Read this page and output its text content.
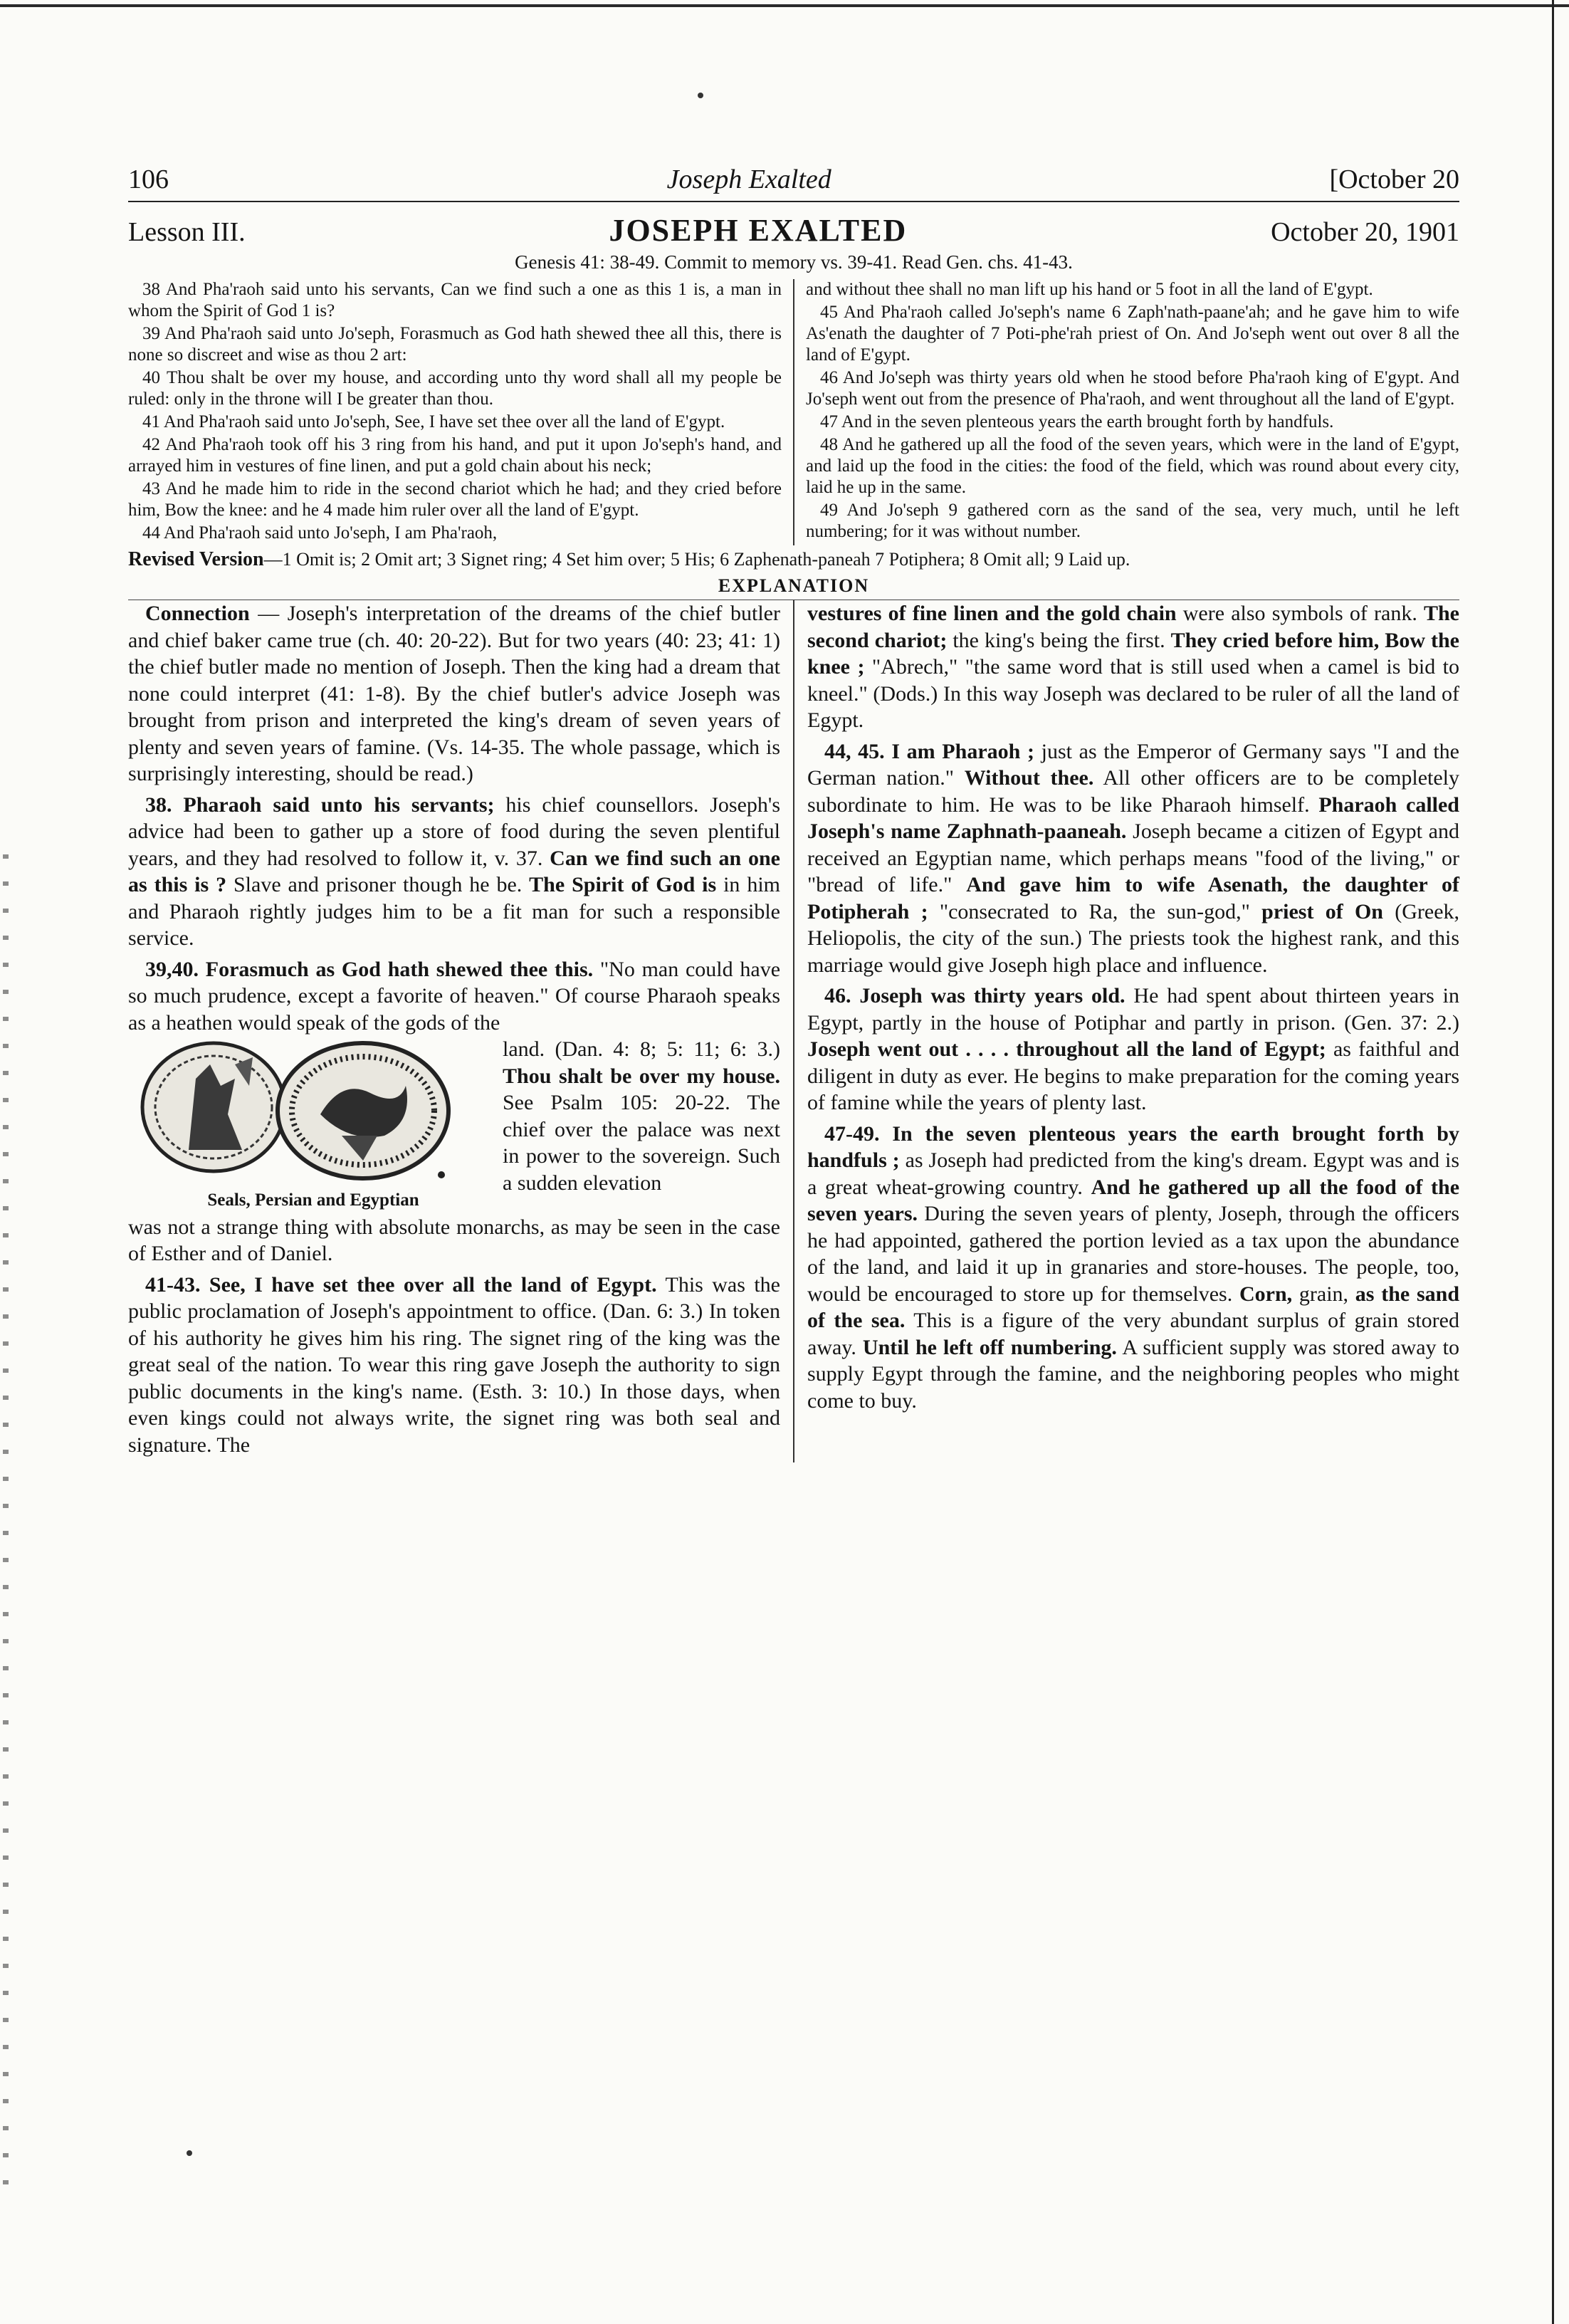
106	Joseph Exalted	[October 20
Lesson III.	JOSEPH EXALTED	October 20, 1901
Genesis 41: 38-49. Commit to memory vs. 39-41. Read Gen. chs. 41-43.

38 And Pha'raoh said unto his servants, Can we find such a one as this 1 is, a man in whom the Spirit of God 1 is?

39 And Pha'raoh said unto Jo'seph, Forasmuch as God hath shewed thee all this, there is none so discreet and wise as thou 2 art:

40 Thou shalt be over my house, and according unto thy word shall all my people be ruled: only in the throne will I be greater than thou.

41 And Pha'raoh said unto Jo'seph, See, I have set thee over all the land of E'gypt.

42 And Pha'raoh took off his 3 ring from his hand, and put it upon Jo'seph's hand, and arrayed him in vestures of fine linen, and put a gold chain about his neck;

43 And he made him to ride in the second chariot which he had; and they cried before him, Bow the knee: and he 4 made him ruler over all the land of E'gypt.

44 And Pha'raoh said unto Jo'seph, I am Pha'raoh,

and without thee shall no man lift up his hand or 5 foot in all the land of E'gypt.

45 And Pha'raoh called Jo'seph's name 6 Zaph'nath-paane'ah; and he gave him to wife As'enath the daughter of 7 Poti-phe'rah priest of On. And Jo'seph went out over 8 all the land of E'gypt.

46 And Jo'seph was thirty years old when he stood before Pha'raoh king of E'gypt. And Jo'seph went out from the presence of Pha'raoh, and went throughout all the land of E'gypt.

47 And in the seven plenteous years the earth brought forth by handfuls.

48 And he gathered up all the food of the seven years, which were in the land of E'gypt, and laid up the food in the cities: the food of the field, which was round about every city, laid he up in the same.

49 And Jo'seph 9 gathered corn as the sand of the sea, very much, until he left numbering; for it was without number.

Revised Version—1 Omit is; 2 Omit art; 3 Signet ring; 4 Set him over; 5 His; 6 Zaphenath-paneah 7 Potiphera; 8 Omit all; 9 Laid up.
EXPLANATION

Connection — Joseph's interpretation of the dreams of the chief butler and chief baker came true (ch. 40: 20-22). But for two years (40: 23; 41: 1) the chief butler made no mention of Joseph. Then the king had a dream that none could interpret (41: 1-8). By the chief butler's advice Joseph was brought from prison and interpreted the king's dream of seven years of plenty and seven years of famine. (Vs. 14-35. The whole passage, which is surprisingly interesting, should be read.)

38. Pharaoh said unto his servants; his chief counsellors. Joseph's advice had been to gather up a store of food during the seven plentiful years, and they had resolved to follow it, v. 37. Can we find such an one as this is ? Slave and prisoner though he be. The Spirit of God is in him and Pharaoh rightly judges him to be a fit man for such a responsible service.

39,40. Forasmuch as God hath shewed thee this. "No man could have so much prudence, except a favorite of heaven." Of course Pharaoh speaks as a heathen would speak of the gods of the

Seals, Persian and Egyptian
land. (Dan. 4: 8; 5: 11; 6: 3.) Thou shalt be over my house. See Psalm 105: 20-22. The chief over the palace was next in power to the sovereign. Such a sudden elevation

was not a strange thing with absolute monarchs, as may be seen in the case of Esther and of Daniel.

41-43. See, I have set thee over all the land of Egypt. This was the public proclamation of Joseph's appointment to office. (Dan. 6: 3.) In token of his authority he gives him his ring. The signet ring of the king was the great seal of the nation. To wear this ring gave Joseph the authority to sign public documents in the king's name. (Esth. 3: 10.) In those days, when even kings could not always write, the signet ring was both seal and signature. The

vestures of fine linen and the gold chain were also symbols of rank. The second chariot; the king's being the first. They cried before him, Bow the knee ; "Abrech," "the same word that is still used when a camel is bid to kneel." (Dods.) In this way Joseph was declared to be ruler of all the land of Egypt.

44, 45. I am Pharaoh ; just as the Emperor of Germany says "I and the German nation." Without thee. All other officers are to be completely subordinate to him. He was to be like Pharaoh himself. Pharaoh called Joseph's name Zaphnath-paaneah. Joseph became a citizen of Egypt and received an Egyptian name, which perhaps means "food of the living," or "bread of life." And gave him to wife Asenath, the daughter of Potipherah ; "consecrated to Ra, the sun-god," priest of On (Greek, Heliopolis, the city of the sun.) The priests took the highest rank, and this marriage would give Joseph high place and influence.

46. Joseph was thirty years old. He had spent about thirteen years in Egypt, partly in the house of Potiphar and partly in prison. (Gen. 37: 2.) Joseph went out . . . . throughout all the land of Egypt; as faithful and diligent in duty as ever. He begins to make preparation for the coming years of famine while the years of plenty last.

47-49. In the seven plenteous years the earth brought forth by handfuls ; as Joseph had predicted from the king's dream. Egypt was and is a great wheat-growing country. And he gathered up all the food of the seven years. During the seven years of plenty, Joseph, through the officers he had appointed, gathered the portion levied as a tax upon the abundance of the land, and laid it up in granaries and store-houses. The people, too, would be encouraged to store up for themselves. Corn, grain, as the sand of the sea. This is a figure of the very abundant surplus of grain stored away. Until he left off numbering. A sufficient supply was stored away to supply Egypt through the famine, and the neighboring peoples who might come to buy.
